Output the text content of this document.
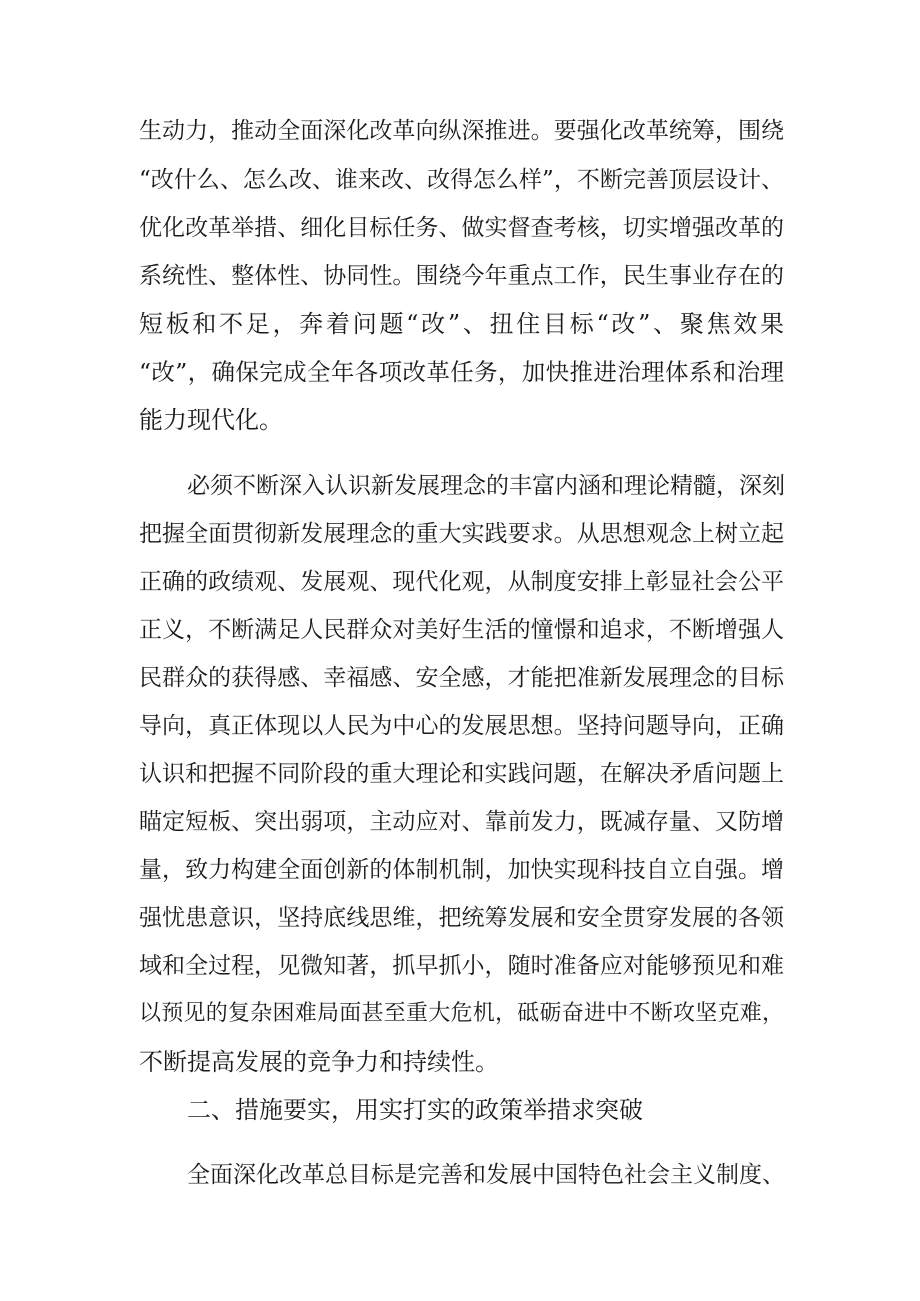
生动力，推动全面深化改革向纵深推进。要强化改革统筹，围绕
“改什么、怎么改、谁来改、改得怎么样”，不断完善顶层设计、
优化改革举措、细化目标任务、做实督查考核，切实增强改革的
系统性、整体性、协同性。围绕今年重点工作，民生事业存在的
短板和不足，奔着问题“改”、扭住目标“改”、聚焦效果
“改”，确保完成全年各项改革任务，加快推进治理体系和治理
能力现代化。
必须不断深入认识新发展理念的丰富内涵和理论精髓，深刻
把握全面贯彻新发展理念的重大实践要求。从思想观念上树立起
正确的政绩观、发展观、现代化观，从制度安排上彰显社会公平
正义，不断满足人民群众对美好生活的憧憬和追求，不断增强人
民群众的获得感、幸福感、安全感，才能把准新发展理念的目标
导向，真正体现以人民为中心的发展思想。坚持问题导向，正确
认识和把握不同阶段的重大理论和实践问题，在解决矛盾问题上
瞄定短板、突出弱项，主动应对、靠前发力，既减存量、又防增
量，致力构建全面创新的体制机制，加快实现科技自立自强。增
强忧患意识，坚持底线思维，把统筹发展和安全贯穿发展的各领
域和全过程，见微知著，抓早抓小，随时准备应对能够预见和难
以预见的复杂困难局面甚至重大危机，砥砺奋进中不断攻坚克难，
不断提高发展的竞争力和持续性。
二、措施要实，用实打实的政策举措求突破
全面深化改革总目标是完善和发展中国特色社会主义制度、
